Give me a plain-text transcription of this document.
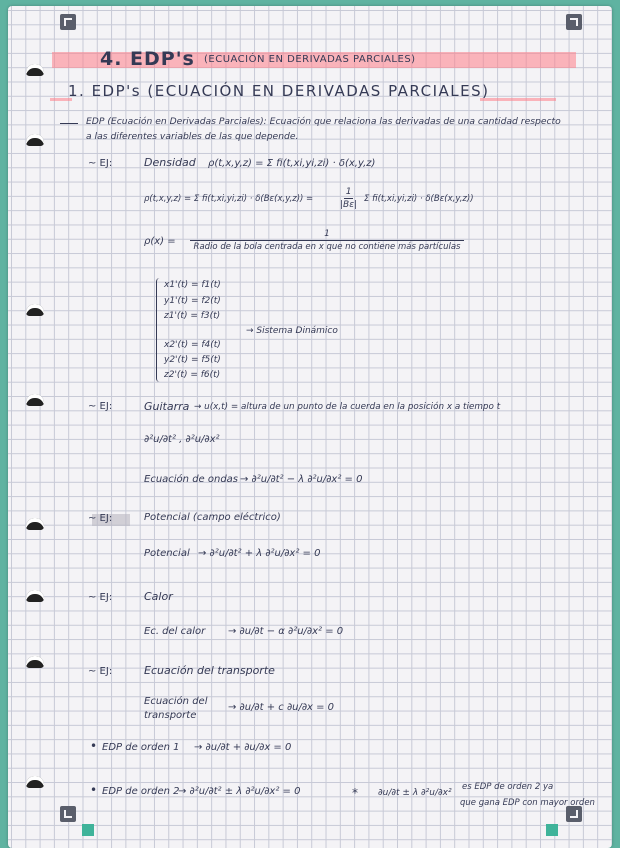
4. EDP's (ECUACIÓN EN DERIVADAS PARCIALES)
1. EDP's (ECUACIÓN EN DERIVADAS PARCIALES)
EDP (Ecuación en Derivadas Parciales): Ecuación que relaciona las derivadas de una cantidad respecto
a las diferentes variables de las que depende.
~ EJ:	Densidad ρ(t,x,y,z) = Σ fi(t,xi,yi,zi) · δ(x,y,z)
ρ(t,x,y,z) = Σ fi(t,xi,yi,zi) · δ(Bε(x,y,z)) =	$\frac{1}{|B\varepsilon|}$ Σ fi(t,xi,yi,zi) · δ(Bε(x,y,z))
ρ(x) =
1
Radio de la bola centrada en x que no contiene más partículas
x1'(t) = f1(t)
y1'(t) = f2(t)
z1'(t) = f3(t)
x2'(t) = f4(t)
y2'(t) = f5(t)
z2'(t) = f6(t)
→ Sistema Dinámico
~ EJ:	Guitarra → u(x,t) = altura de un punto de la cuerda en la posición x a tiempo t
∂²u/∂t² , ∂²u/∂x²
Ecuación de ondas → ∂²u/∂t² − λ ∂²u/∂x² = 0
~ EJ:	Potencial (campo eléctrico)
Potencial → ∂²u/∂t² + λ ∂²u/∂x² = 0
~ EJ:	Calor
Ec. del calor → ∂u/∂t − α ∂²u/∂x² = 0
~ EJ:	Ecuación del transporte
Ecuación del
transporte
→ ∂u/∂t + c ∂u/∂x = 0
• EDP de orden 1 → ∂u/∂t + ∂u/∂x = 0
• EDP de orden 2
→ ∂²u/∂t² ± λ ∂²u/∂x² = 0	* ∂u/∂t ± λ ∂²u/∂x²
es EDP de orden 2 ya
que gana EDP con mayor orden
